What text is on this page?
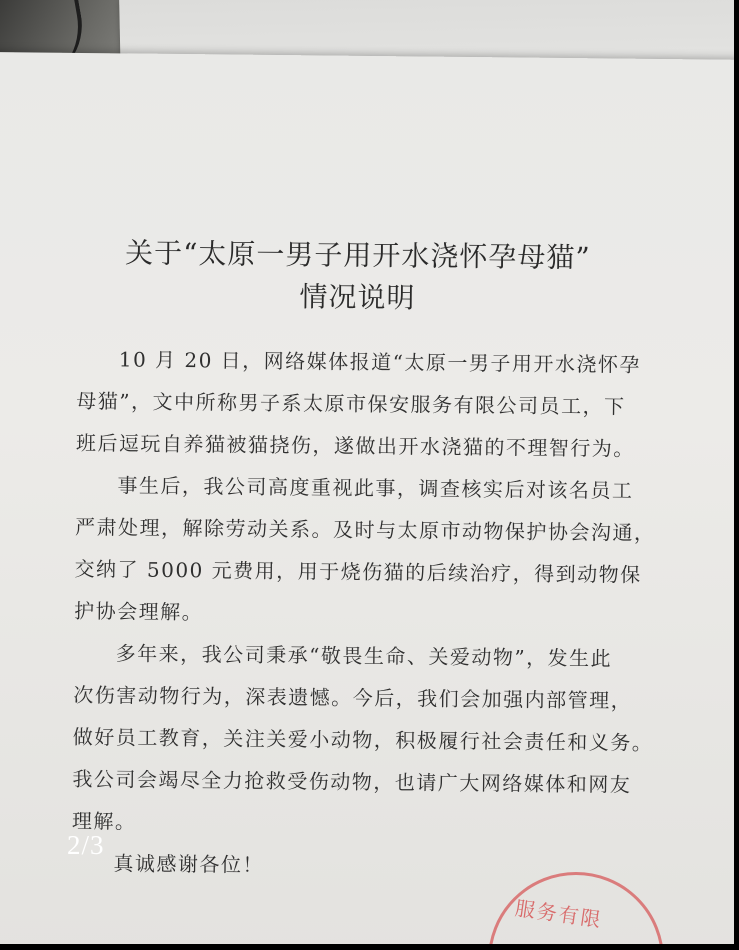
关于“太原一男子用开水浇怀孕母猫”
情况说明
10 月 20 日，网络媒体报道“太原一男子用开水浇怀孕
母猫”，文中所称男子系太原市保安服务有限公司员工，下
班后逗玩自养猫被猫挠伤，遂做出开水浇猫的不理智行为。
事生后，我公司高度重视此事，调查核实后对该名员工
严肃处理，解除劳动关系。及时与太原市动物保护协会沟通，
交纳了 5000 元费用，用于烧伤猫的后续治疗，得到动物保
护协会理解。
多年来，我公司秉承“敬畏生命、关爱动物”，发生此
次伤害动物行为，深表遗憾。今后，我们会加强内部管理，
做好员工教育，关注关爱小动物，积极履行社会责任和义务。
我公司会竭尽全力抢救受伤动物，也请广大网络媒体和网友
理解。
真诚感谢各位！
服务有限
2/3
